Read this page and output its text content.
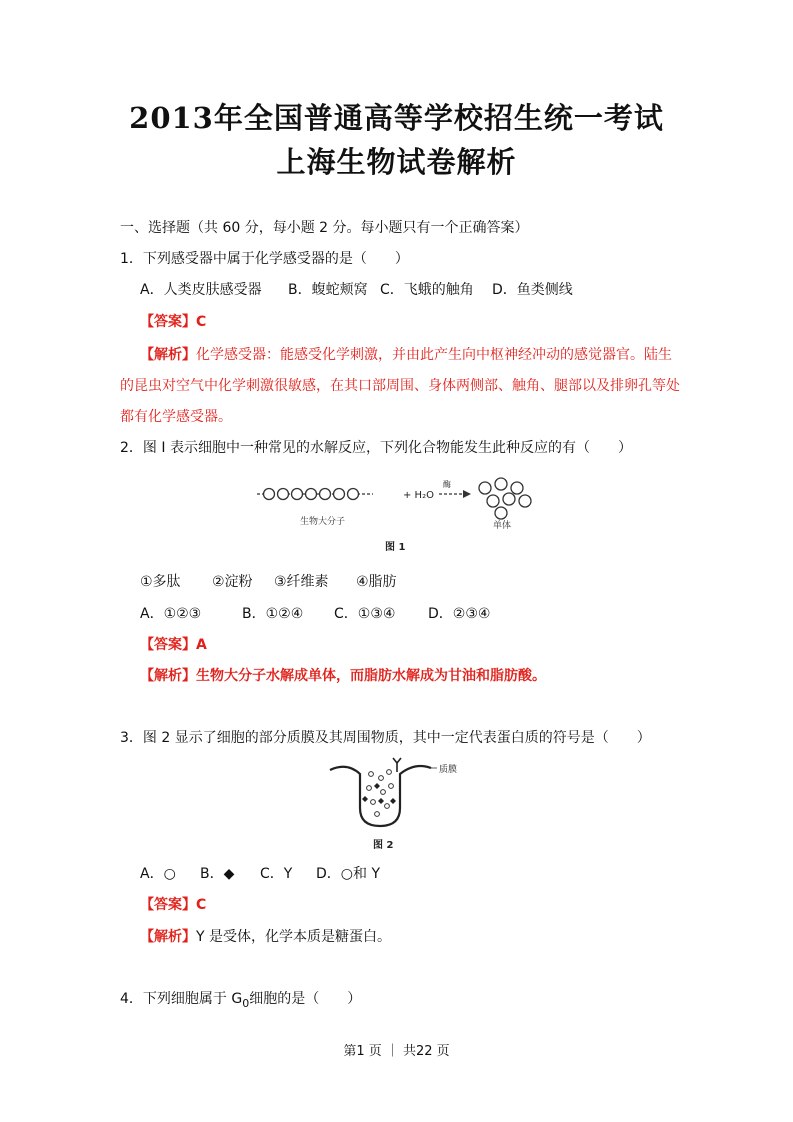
2013年全国普通高等学校招生统一考试
上海生物试卷解析
一、选择题（共 60 分，每小题 2 分。每小题只有一个正确答案）
1．下列感受器中属于化学感受器的是（　　）
A．人类皮肤感受器 B．蝮蛇颊窝 C．飞蛾的触角 D．鱼类侧线
【答案】C
【解析】化学感受器：能感受化学刺激，并由此产生向中枢神经冲动的感觉器官。陆生
的昆虫对空气中化学刺激很敏感，在其口部周围、身体两侧部、触角、腿部以及排卵孔等处
都有化学感受器。
2．图 I 表示细胞中一种常见的水解反应，下列化合物能发生此种反应的有（　　）
+ H₂O
酶
生物大分子	单体
图 1
①多肽 ②淀粉 ③纤维素 ④脂肪
A．①②③	B．①②④ C．①③④ D．②③④
【答案】A
【解析】生物大分子水解成单体，而脂肪水解成为甘油和脂肪酸。
3．图 2 显示了细胞的部分质膜及其周围物质，其中一定代表蛋白质的符号是（　　）
质膜
图 2
A．○ B．◆ C．Y D．○和 Y
【答案】C
【解析】Y 是受体，化学本质是糖蛋白。
4．下列细胞属于 $G_0$细胞的是（　　）
第1 页 ｜ 共22 页
